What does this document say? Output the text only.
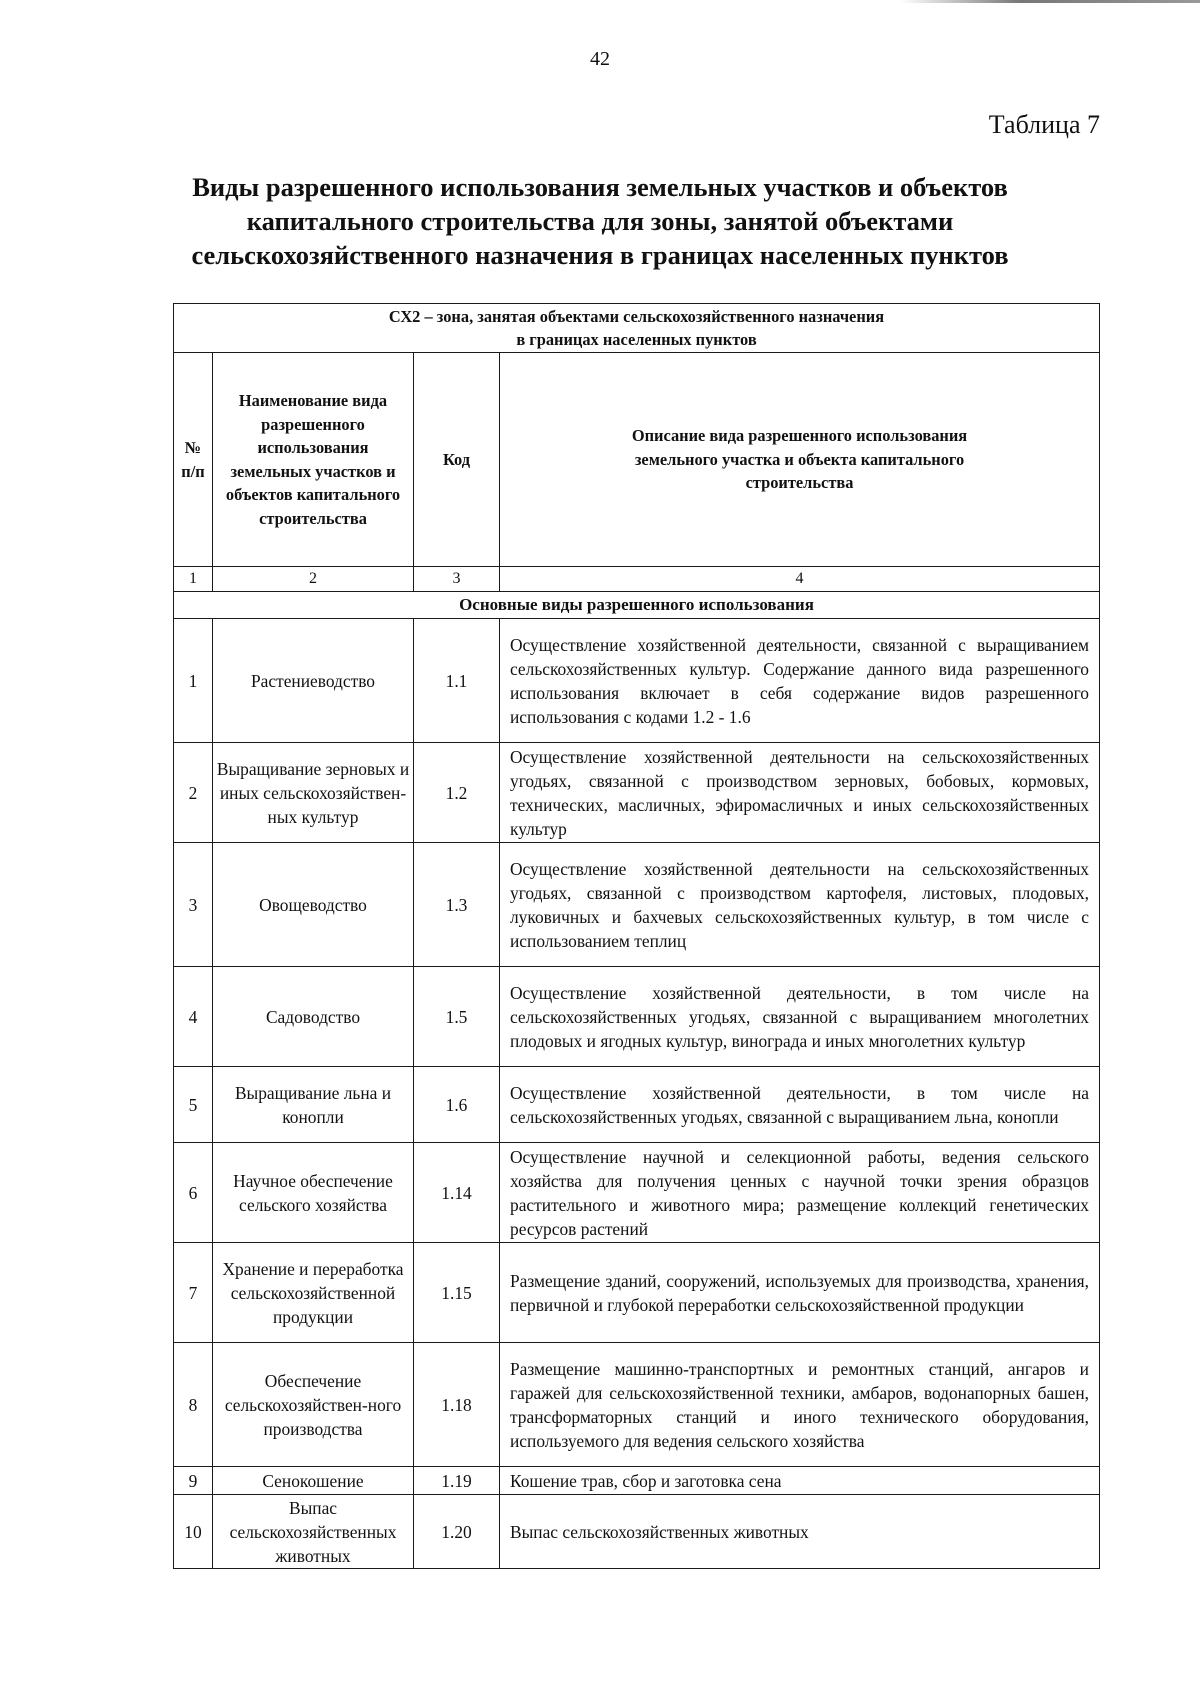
42
Таблица 7
Виды разрешенного использования земельных участков и объектов
капитального строительства для зоны, занятой объектами
сельскохозяйственного назначения в границах населенных пунктов
СХ2 – зона, занятая объектами сельскохозяйственного назначения
в границах населенных пунктов			

№ п/п	Наименование вида разрешенного использования земельных участков и объектов капитального строительства	Код	Описание вида разрешенного использования земельного участка и объекта капитального строительства
1	2	3	4
Основные виды разрешенного использования			
1	Растениеводство	1.1	Осуществление хозяйственной деятельности, связанной с выращиванием сельскохозяйственных культур. Содержание данного вида разрешенного использования включает в себя содержание видов разрешенного использования с кодами 1.2 - 1.6
2	Выращивание зерновых и иных сельскохозяйствен-ных культур	1.2	Осуществление хозяйственной деятельности на сельскохозяйственных угодьях, связанной с производством зерновых, бобовых, кормовых, технических, масличных, эфиромасличных и иных сельскохозяйственных культур
3	Овощеводство	1.3	Осуществление хозяйственной деятельности на сельскохозяйственных угодьях, связанной с производством картофеля, листовых, плодовых, луковичных и бахчевых сельскохозяйственных культур, в том числе с использованием теплиц
4	Садоводство	1.5	Осуществление хозяйственной деятельности, в том числе на сельскохозяйственных угодьях, связанной с выращиванием многолетних плодовых и ягодных культур, винограда и иных многолетних культур
5	Выращивание льна и конопли	1.6	Осуществление хозяйственной деятельности, в том числе на сельскохозяйственных угодьях, связанной с выращиванием льна, конопли
6	Научное обеспечение сельского хозяйства	1.14	Осуществление научной и селекционной работы, ведения сельского хозяйства для получения ценных с научной точки зрения образцов растительного и животного мира; размещение коллекций генетических ресурсов растений
7	Хранение и переработка сельскохозяйственной продукции	1.15	Размещение зданий, сооружений, используемых для производства, хранения, первичной и глубокой переработки сельскохозяйственной продукции
8	Обеспечение сельскохозяйствен-ного производства	1.18	Размещение машинно-транспортных и ремонтных станций, ангаров и гаражей для сельскохозяйственной техники, амбаров, водонапорных башен, трансформаторных станций и иного технического оборудования, используемого для ведения сельского хозяйства
9	Сенокошение	1.19	Кошение трав, сбор и заготовка сена
10	Выпас сельскохозяйственных животных	1.20	Выпас сельскохозяйственных животных
